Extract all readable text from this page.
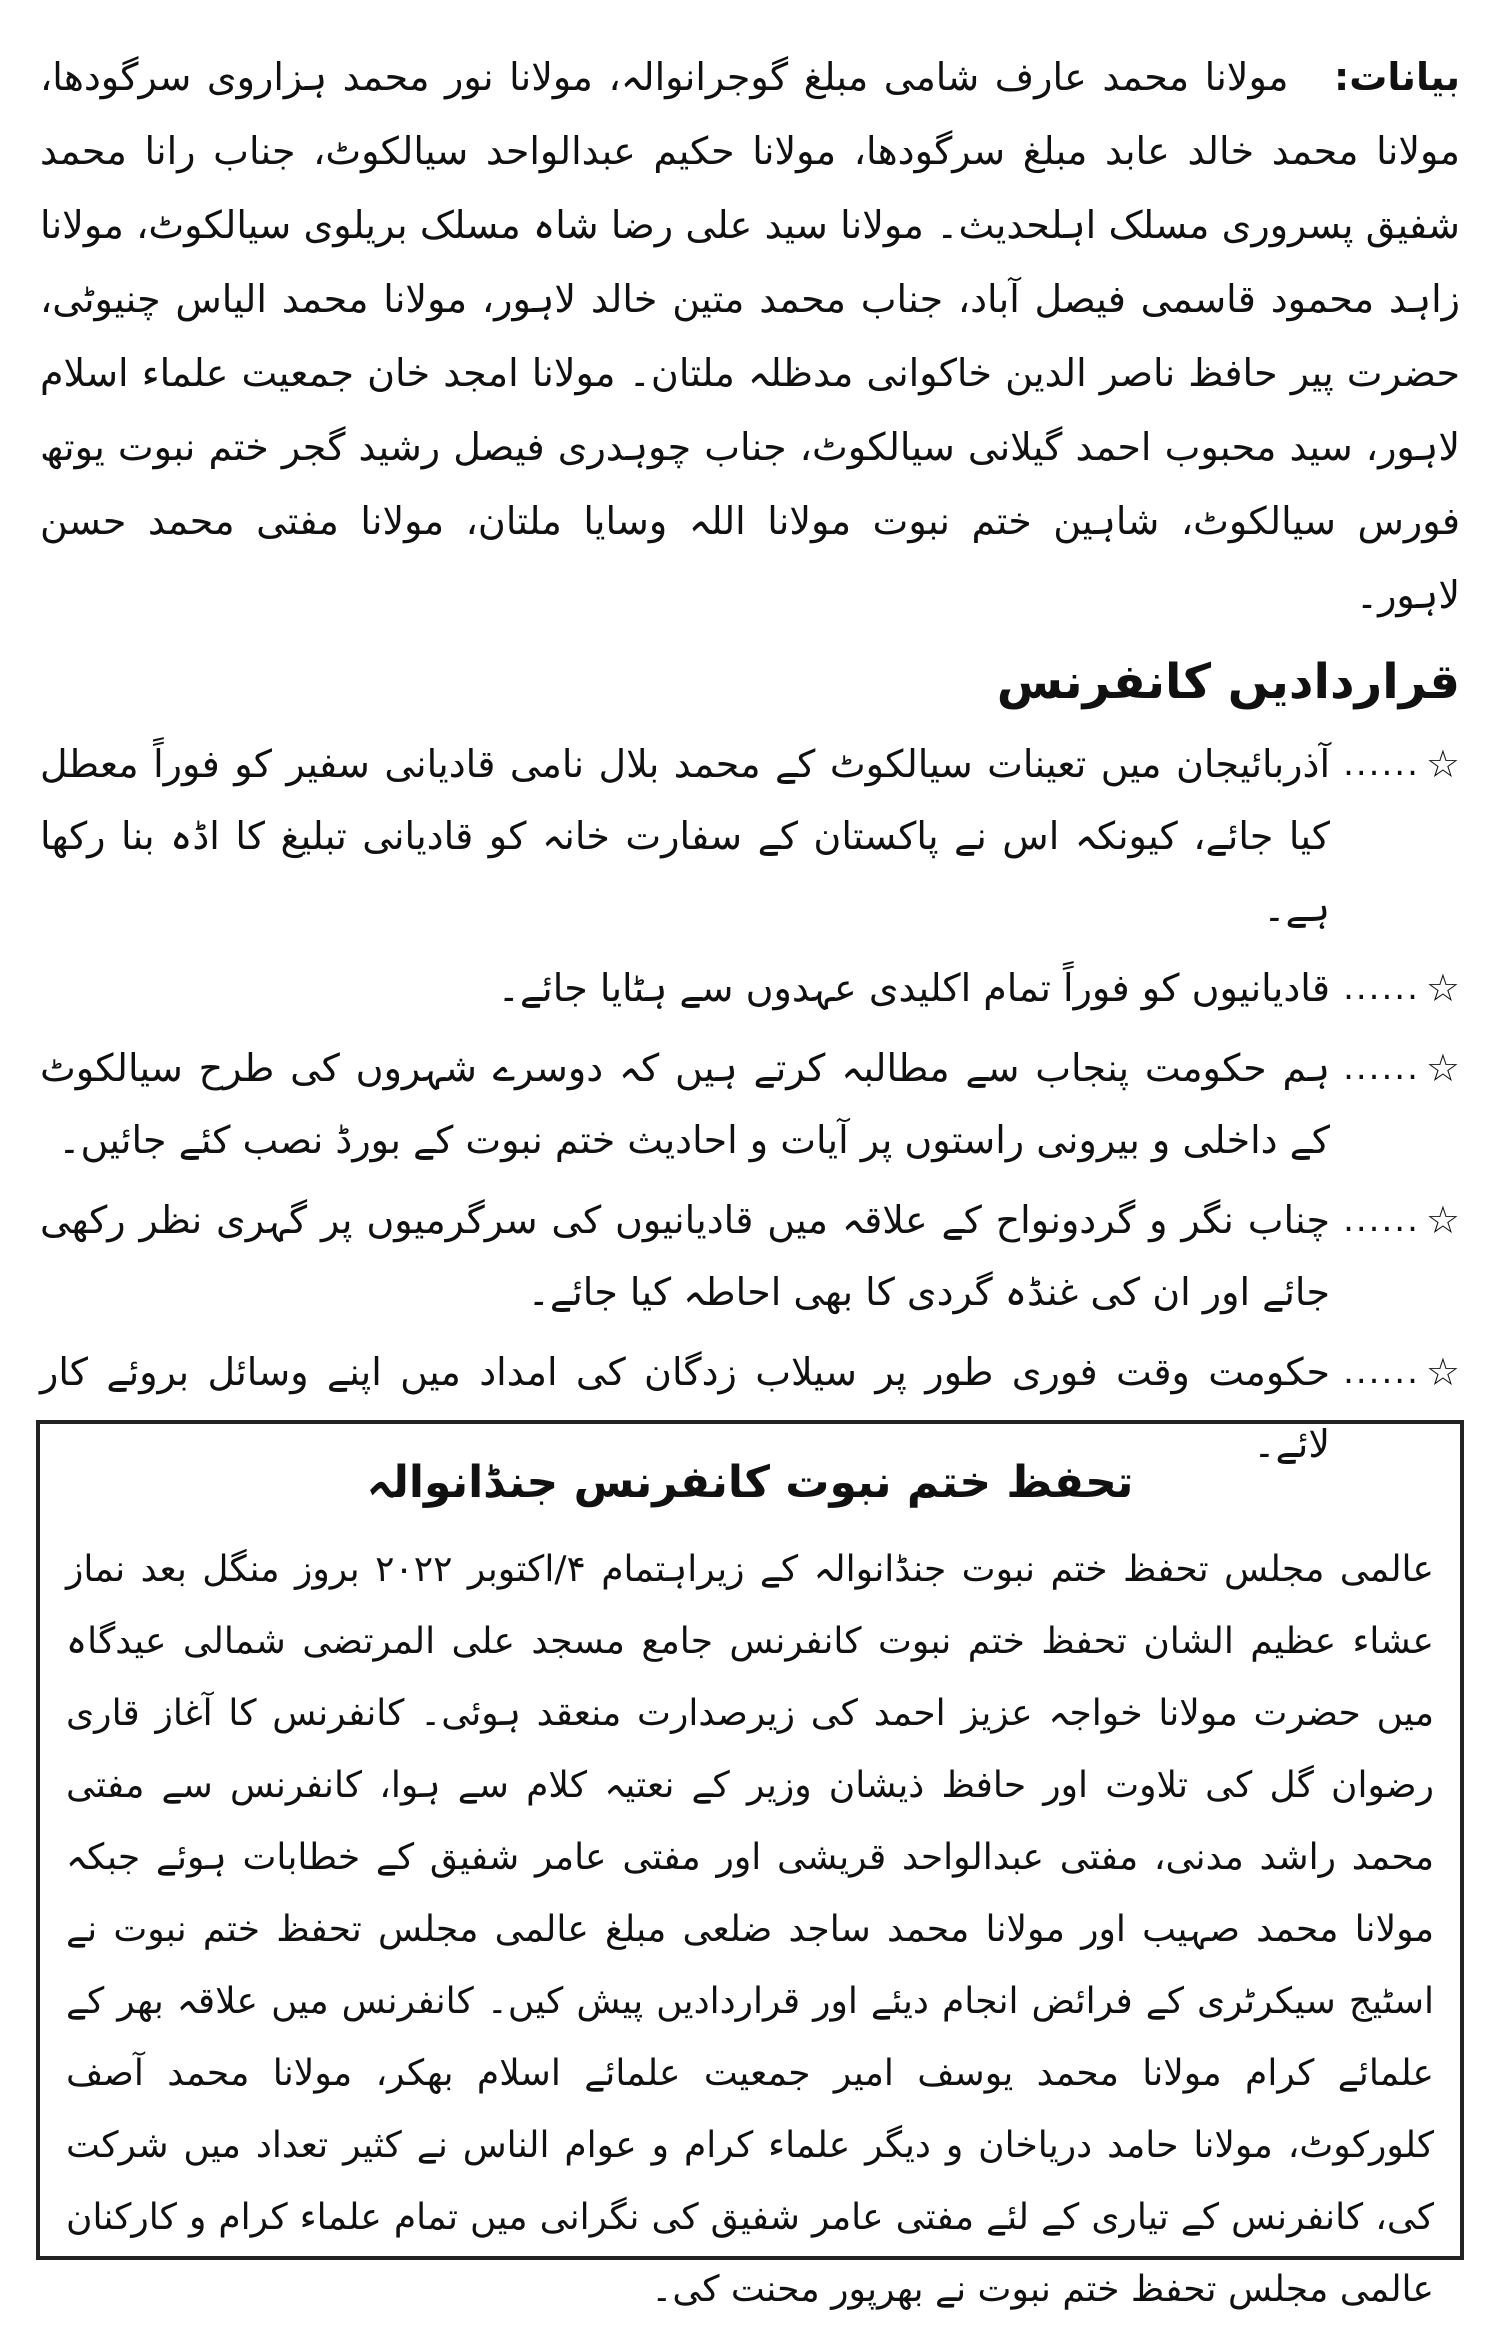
بیانات: مولانا محمد عارف شامی مبلغ گوجرانوالہ، مولانا نور محمد ہزاروی سرگودھا، مولانا محمد خالد عابد مبلغ سرگودھا، مولانا حکیم عبدالواحد سیالکوٹ، جناب رانا محمد شفیق پسروری مسلک اہلحدیث۔ مولانا سید علی رضا شاہ مسلک بریلوی سیالکوٹ، مولانا زاہد محمود قاسمی فیصل آباد، جناب محمد متین خالد لاہور، مولانا محمد الیاس چنیوٹی، حضرت پیر حافظ ناصر الدین خاکوانی مدظلہ ملتان۔ مولانا امجد خان جمعیت علماء اسلام لاہور، سید محبوب احمد گیلانی سیالکوٹ، جناب چوہدری فیصل رشید گجر ختم نبوت یوتھ فورس سیالکوٹ، شاہین ختم نبوت مولانا اللہ وسایا ملتان، مولانا مفتی محمد حسن لاہور۔

قراردادیں کانفرنس
☆
......
آذربائیجان میں تعینات سیالکوٹ کے محمد بلال نامی قادیانی سفیر کو فوراً معطل کیا جائے، کیونکہ اس نے پاکستان کے سفارت خانہ کو قادیانی تبلیغ کا اڈہ بنا رکھا ہے۔
☆
......
قادیانیوں کو فوراً تمام اکلیدی عہدوں سے ہٹایا جائے۔
☆
......
ہم حکومت پنجاب سے مطالبہ کرتے ہیں کہ دوسرے شہروں کی طرح سیالکوٹ کے داخلی و بیرونی راستوں پر آیات و احادیث ختم نبوت کے بورڈ نصب کئے جائیں۔
☆
......
چناب نگر و گردونواح کے علاقہ میں قادیانیوں کی سرگرمیوں پر گہری نظر رکھی جائے اور ان کی غنڈہ گردی کا بھی احاطہ کیا جائے۔
☆
......
حکومت وقت فوری طور پر سیلاب زدگان کی امداد میں اپنے وسائل بروئے کار لائے۔
تحفظ ختم نبوت کانفرنس جنڈانوالہ

عالمی مجلس تحفظ ختم نبوت جنڈانوالہ کے زیراہتمام ۴/اکتوبر ۲۰۲۲ بروز منگل بعد نماز عشاء عظیم الشان تحفظ ختم نبوت کانفرنس جامع مسجد علی المرتضی شمالی عیدگاہ میں حضرت مولانا خواجہ عزیز احمد کی زیرصدارت منعقد ہوئی۔ کانفرنس کا آغاز قاری رضوان گل کی تلاوت اور حافظ ذیشان وزیر کے نعتیہ کلام سے ہوا، کانفرنس سے مفتی محمد راشد مدنی، مفتی عبدالواحد قریشی اور مفتی عامر شفیق کے خطابات ہوئے جبکہ مولانا محمد صہیب اور مولانا محمد ساجد ضلعی مبلغ عالمی مجلس تحفظ ختم نبوت نے اسٹیج سیکرٹری کے فرائض انجام دیئے اور قراردادیں پیش کیں۔ کانفرنس میں علاقہ بھر کے علمائے کرام مولانا محمد یوسف امیر جمعیت علمائے اسلام بھکر، مولانا محمد آصف کلورکوٹ، مولانا حامد دریاخان و دیگر علماء کرام و عوام الناس نے کثیر تعداد میں شرکت کی، کانفرنس کے تیاری کے لئے مفتی عامر شفیق کی نگرانی میں تمام علماء کرام و کارکنان عالمی مجلس تحفظ ختم نبوت نے بھرپور محنت کی۔
